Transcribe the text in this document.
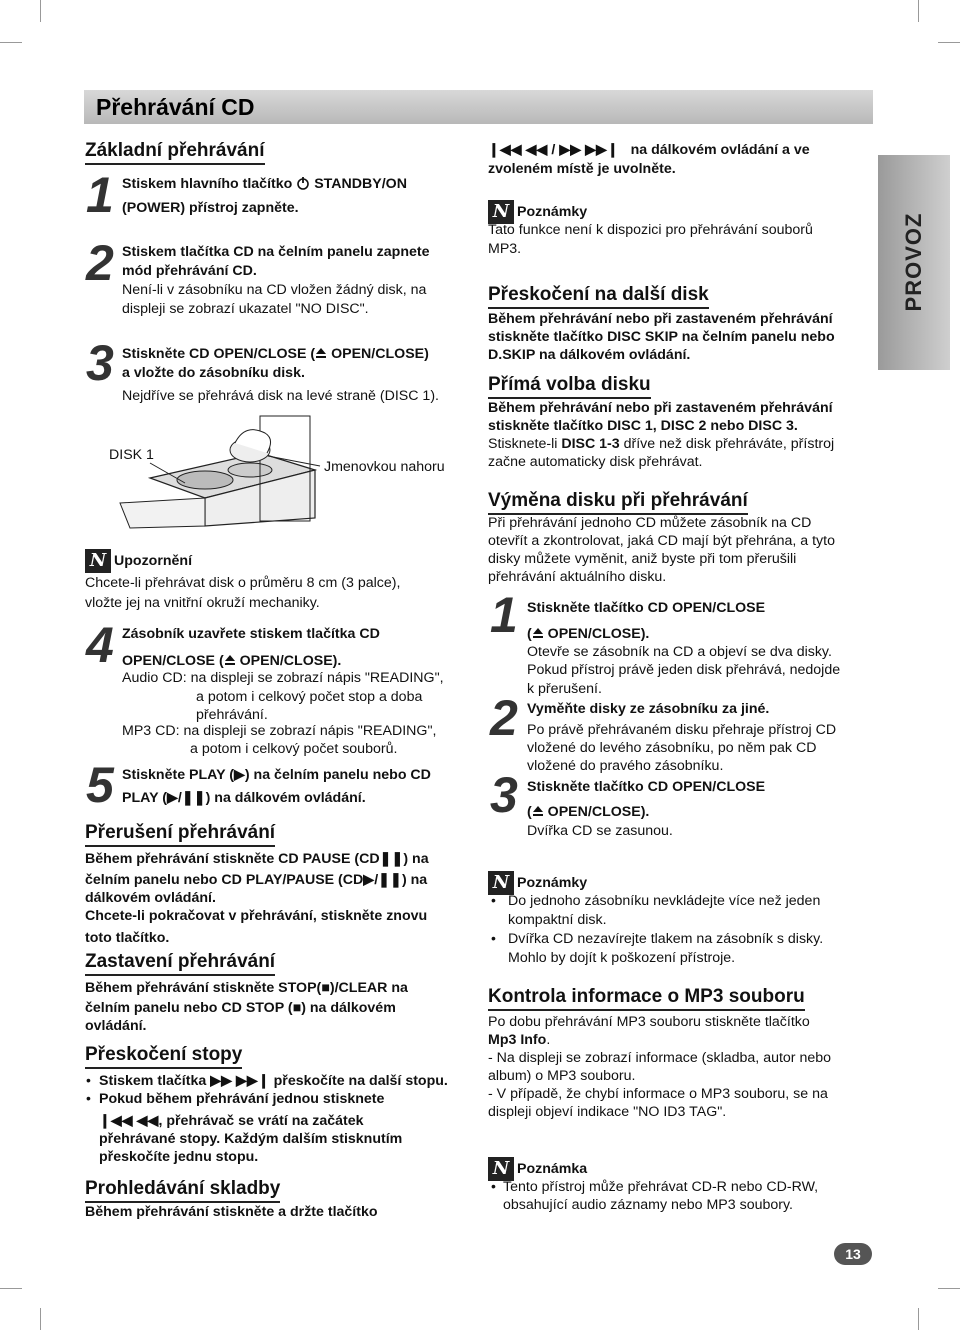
Přehrávání CD
PROVOZ
Základní přehrávání
1 Stiskem hlavního tlačítko  STANDBY/ON
(POWER) přístroj zapněte.
2 Stiskem tlačítka CD na čelním panelu zapnete
mód přehrávání CD.
Není-li v zásobníku na CD vložen žádný disk, na
displeji se zobrazí ukazatel "NO DISC".
3 Stiskněte CD OPEN/CLOSE ( OPEN/CLOSE)
a vložte do zásobníku disk.
Nejdříve se přehrává disk na levé straně (DISC 1).
DISK 1
Jmenovkou nahoru
N Upozornění
Chcete-li přehrávat disk o průměru 8 cm (3 palce),
vložte jej na vnitřní okruží mechaniky.
4 Zásobník uzavřete stiskem tlačítka CD
OPEN/CLOSE ( OPEN/CLOSE).
Audio CD: na displeji se zobrazí nápis "READING",
a potom i celkový počet stop a doba
přehrávání.
MP3 CD: na displeji se zobrazí nápis "READING",
a potom i celkový počet souborů.
5 Stiskněte PLAY (▶) na čelním panelu nebo CD
PLAY (▶/❚❚) na dálkovém ovládání.
Přerušení přehrávání
Během přehrávání stiskněte CD PAUSE (CD❚❚) na
čelním panelu nebo CD PLAY/PAUSE (CD▶/❚❚) na
dálkovém ovládání.
Chcete-li pokračovat v přehrávání, stiskněte znovu
toto tlačítko.
Zastavení přehrávání
Během přehrávání stiskněte STOP(■)/CLEAR na
čelním panelu nebo CD STOP (■) na dálkovém
ovládání.
Přeskočení stopy
• Stiskem tlačítka ▶▶ ▶▶❙ přeskočíte na další stopu.
• Pokud během přehrávání jednou stisknete
❙◀◀ ◀◀, přehrávač se vrátí na začátek
přehrávané stopy. Každým dalším stisknutím
přeskočíte jednu stopu.
Prohledávání skladby
Během přehrávání stiskněte a držte tlačítko
❙◀◀ ◀◀ / ▶▶ ▶▶❙ na dálkovém ovládání a ve
zvoleném místě je uvolněte.
N Poznámky
Tato funkce není k dispozici pro přehrávání souborů
MP3.
Přeskočení na další disk
Během přehrávání nebo při zastaveném přehrávání
stiskněte tlačítko DISC SKIP na čelním panelu nebo
D.SKIP na dálkovém ovládání.
Přímá volba disku
Během přehrávání nebo při zastaveném přehrávání
stiskněte tlačítko DISC 1, DISC 2 nebo DISC 3.
Stisknete-li DISC 1-3 dříve než disk přehráváte, přístroj
začne automaticky disk přehrávat.
Výměna disku při přehrávání
Při přehrávání jednoho CD můžete zásobník na CD
otevřít a zkontrolovat, jaká CD mají být přehrána, a tyto
disky můžete vyměnit, aniž byste při tom přerušili
přehrávání aktuálního disku.
1 Stiskněte tlačítko CD OPEN/CLOSE
( OPEN/CLOSE).
Otevře se zásobník na CD a objeví se dva disky.
Pokud přístroj právě jeden disk přehrává, nedojde
k přerušení.
2 Vyměňte disky ze zásobníku za jiné.
Po právě přehrávaném disku přehraje přístroj CD
vložené do levého zásobníku, po něm pak CD
vložené do pravého zásobníku.
3 Stiskněte tlačítko CD OPEN/CLOSE
( OPEN/CLOSE).
Dvířka CD se zasunou.
N Poznámky
• Do jednoho zásobníku nevkládejte více než jeden
kompaktní disk.
• Dvířka CD nezavírejte tlakem na zásobník s disky.
Mohlo by dojít k poškození přístroje.
Kontrola informace o MP3 souboru
Po dobu přehrávání MP3 souboru stiskněte tlačítko
Mp3 Info.
- Na displeji se zobrazí informace (skladba, autor nebo
album) o MP3 souboru.
- V případě, že chybí informace o MP3 souboru, se na
displeji objeví indikace "NO ID3 TAG".
N Poznámka
• Tento přístroj může přehrávat CD-R nebo CD-RW,
obsahující audio záznamy nebo MP3 soubory.
13
